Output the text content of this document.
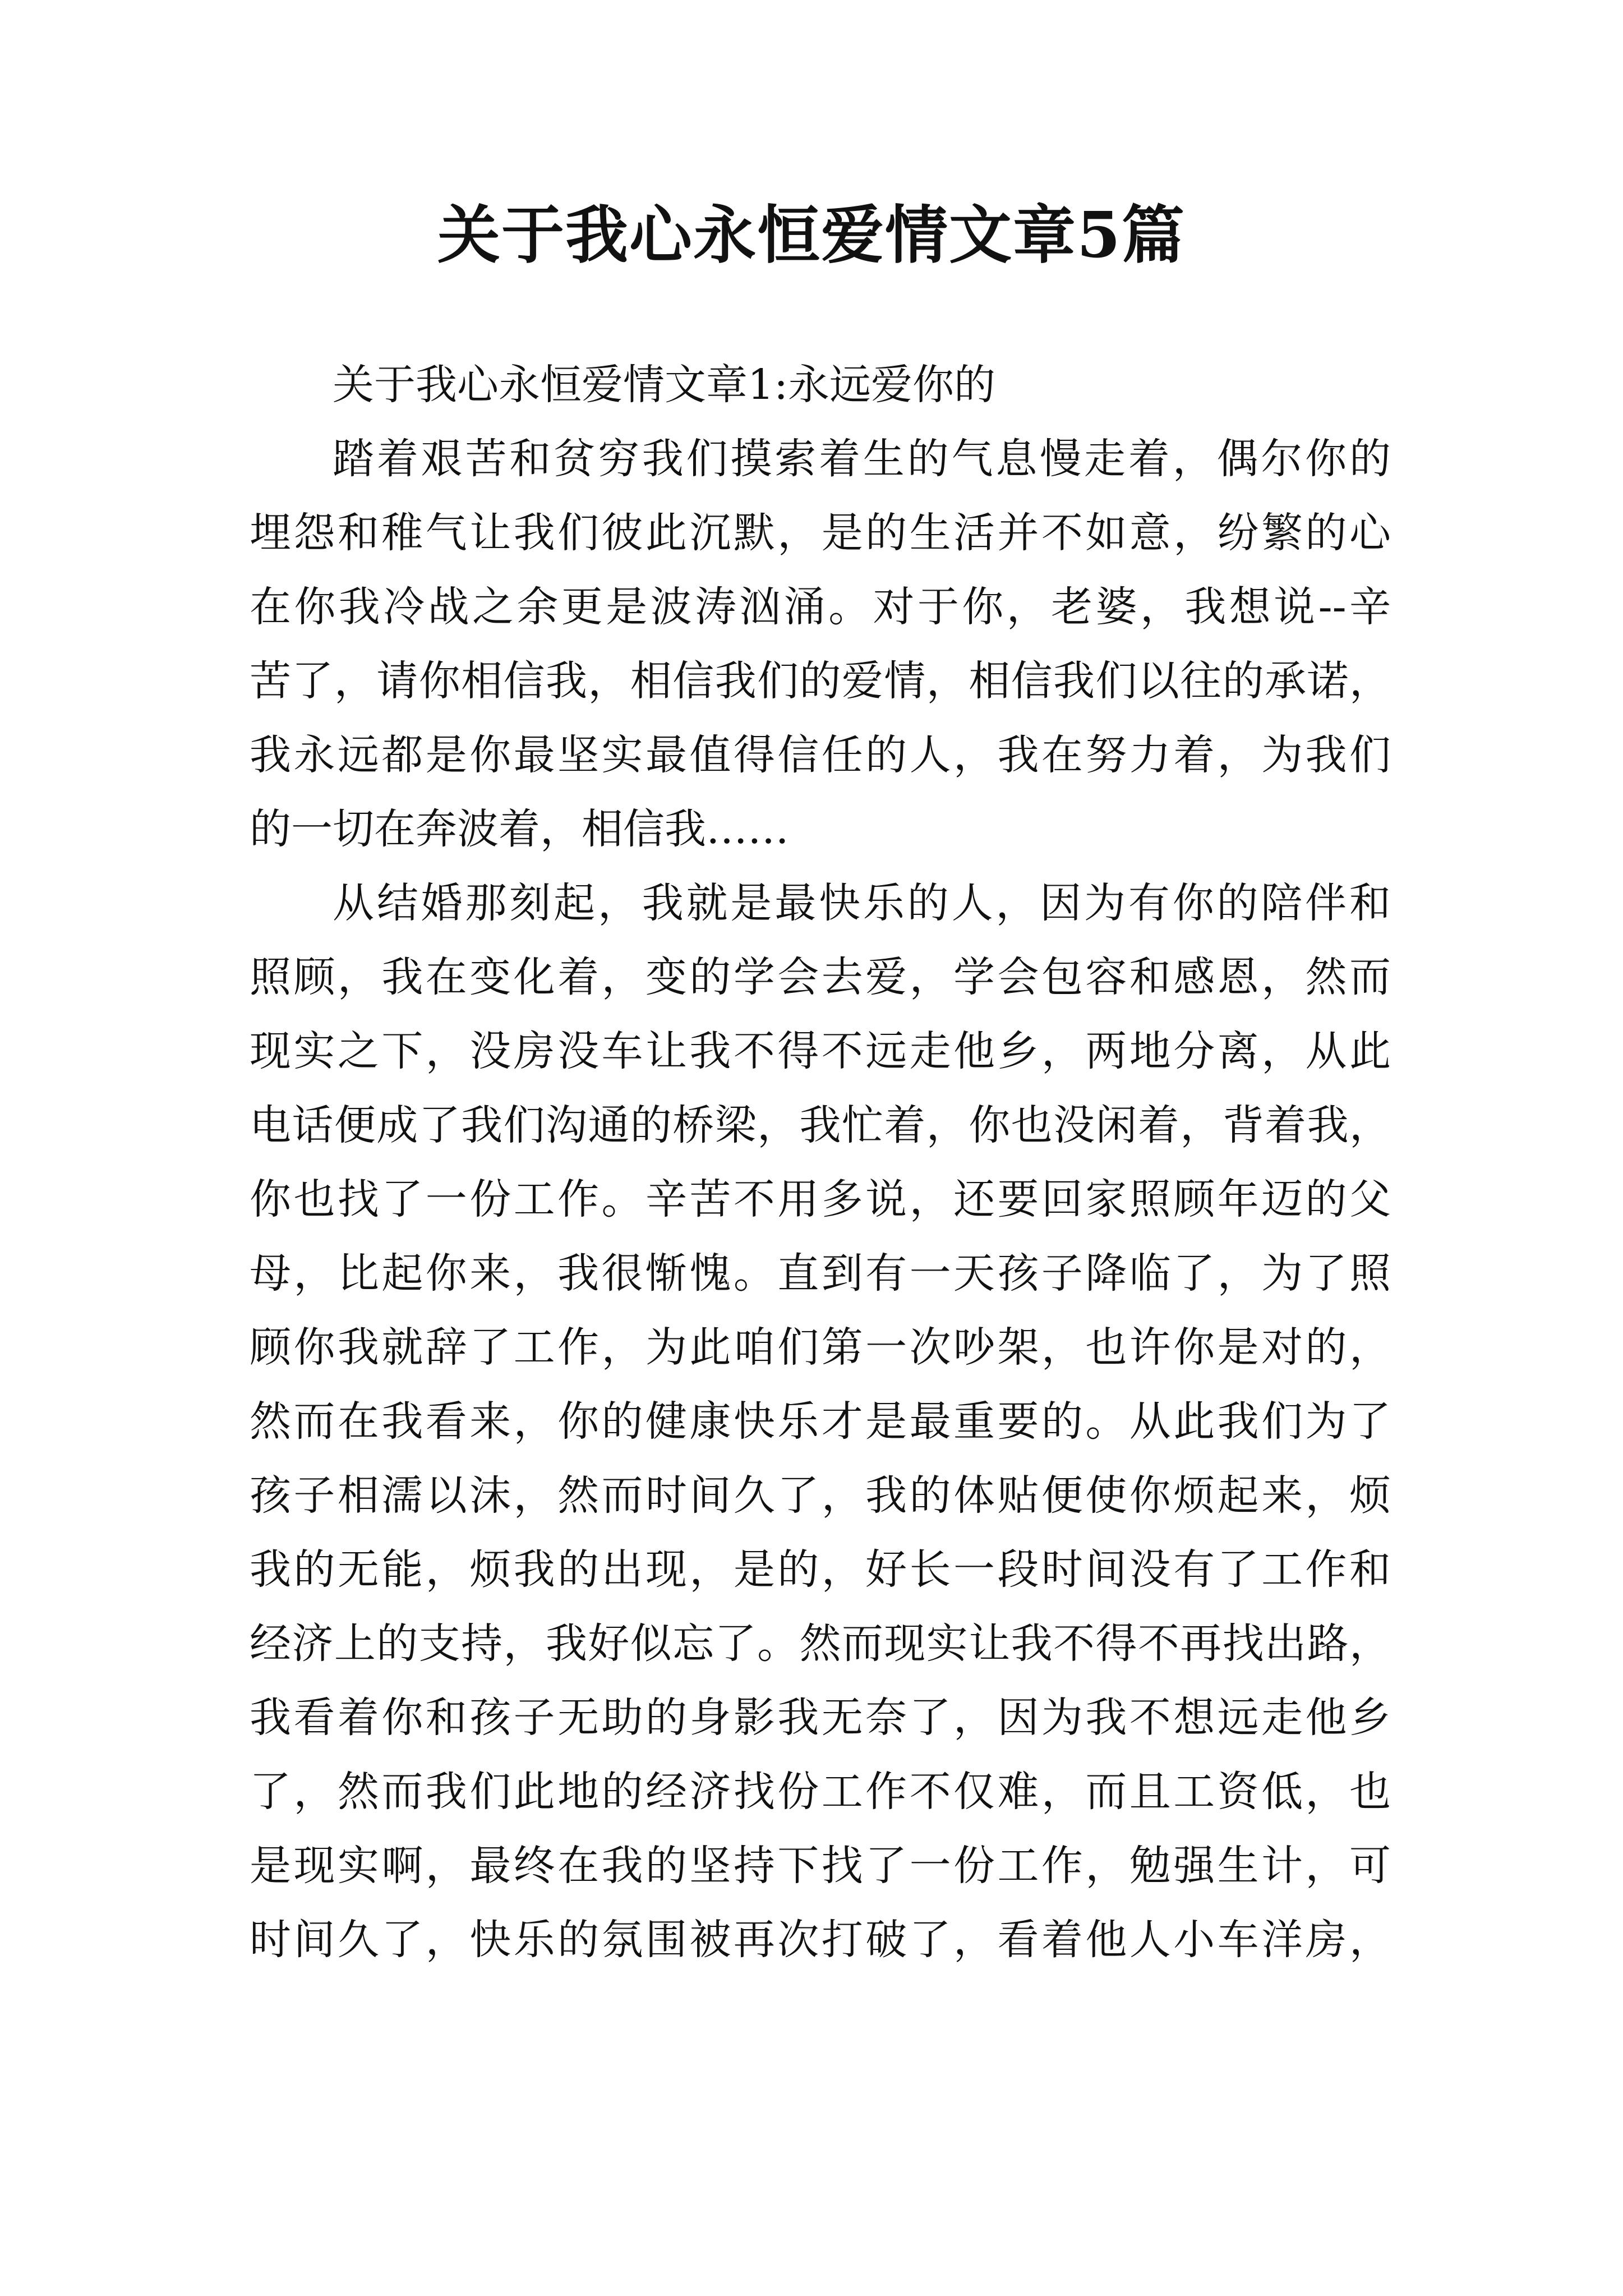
关于我心永恒爱情文章5篇
关于我心永恒爱情文章1:永远爱你的
踏着艰苦和贫穷我们摸索着生的气息慢走着，偶尔你的
埋怨和稚气让我们彼此沉默，是的生活并不如意，纷繁的心
在你我冷战之余更是波涛汹涌。对于你，老婆，我想说--辛
苦了，请你相信我，相信我们的爱情，相信我们以往的承诺，
我永远都是你最坚实最值得信任的人，我在努力着，为我们
的一切在奔波着，相信我……
从结婚那刻起，我就是最快乐的人，因为有你的陪伴和
照顾，我在变化着，变的学会去爱，学会包容和感恩，然而
现实之下，没房没车让我不得不远走他乡，两地分离，从此
电话便成了我们沟通的桥梁，我忙着，你也没闲着，背着我，
你也找了一份工作。辛苦不用多说，还要回家照顾年迈的父
母，比起你来，我很惭愧。直到有一天孩子降临了，为了照
顾你我就辞了工作，为此咱们第一次吵架，也许你是对的，
然而在我看来，你的健康快乐才是最重要的。从此我们为了
孩子相濡以沫，然而时间久了，我的体贴便使你烦起来，烦
我的无能，烦我的出现，是的，好长一段时间没有了工作和
经济上的支持，我好似忘了。然而现实让我不得不再找出路，
我看着你和孩子无助的身影我无奈了，因为我不想远走他乡
了，然而我们此地的经济找份工作不仅难，而且工资低，也
是现实啊，最终在我的坚持下找了一份工作，勉强生计，可
时间久了，快乐的氛围被再次打破了，看着他人小车洋房，
